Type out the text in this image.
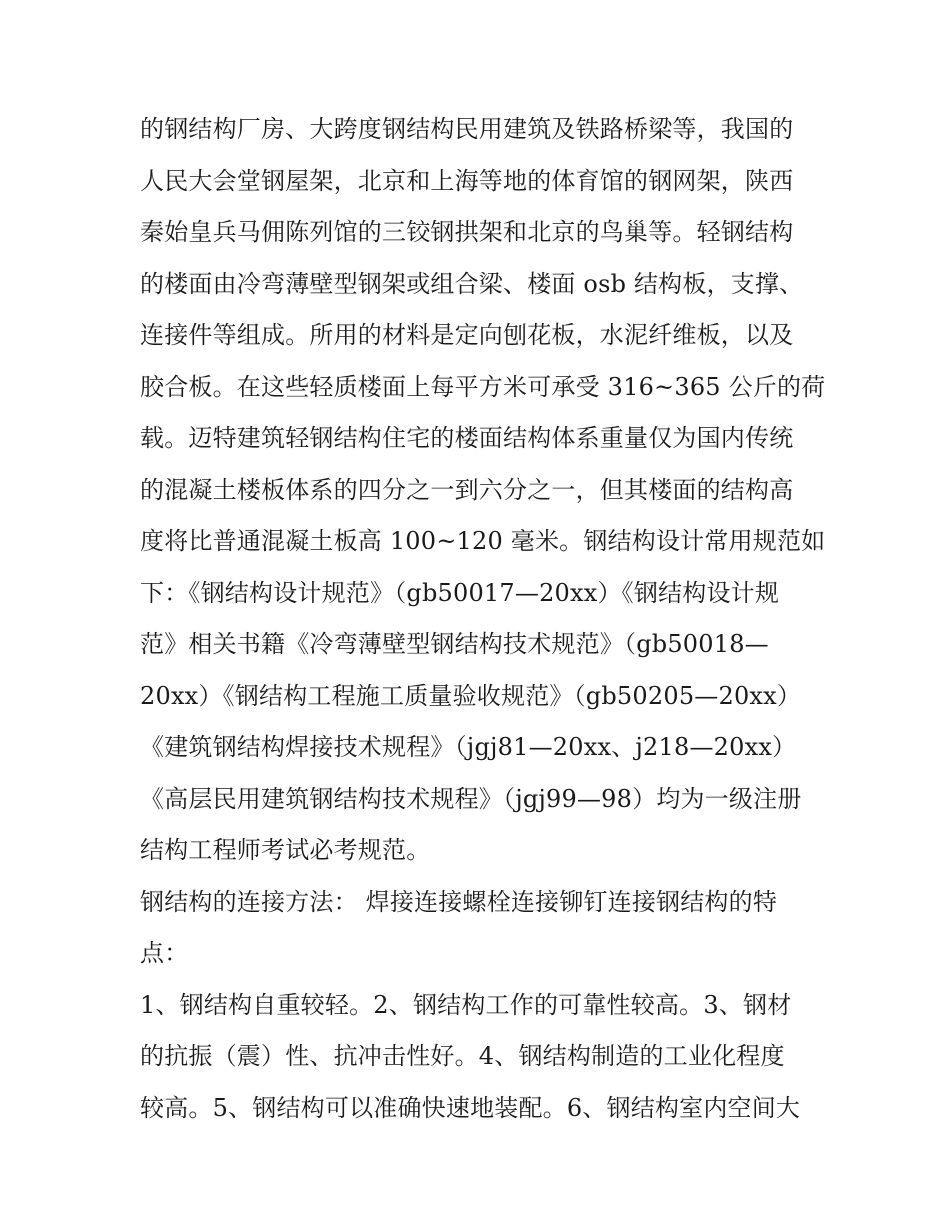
的钢结构厂房、大跨度钢结构民用建筑及铁路桥梁等，我国的
人民大会堂钢屋架，北京和上海等地的体育馆的钢网架，陕西
秦始皇兵马佣陈列馆的三铰钢拱架和北京的鸟巢等。轻钢结构
的楼面由冷弯薄壁型钢架或组合梁、楼面 osb 结构板，支撑、
连接件等组成。所用的材料是定向刨花板，水泥纤维板，以及
胶合板。在这些轻质楼面上每平方米可承受 316~365 公斤的荷
载。迈特建筑轻钢结构住宅的楼面结构体系重量仅为国内传统
的混凝土楼板体系的四分之一到六分之一，但其楼面的结构高
度将比普通混凝土板高 100~120 毫米。钢结构设计常用规范如
下：《钢结构设计规范》（gb50017—20xx）《钢结构设计规
范》相关书籍《冷弯薄壁型钢结构技术规范》（gb50018—
20xx）《钢结构工程施工质量验收规范》（gb50205—20xx）
《建筑钢结构焊接技术规程》（jgj81—20xx、j218—20xx）
《高层民用建筑钢结构技术规程》（jgj99—98）均为一级注册
结构工程师考试必考规范。
钢结构的连接方法： 焊接连接螺栓连接铆钉连接钢结构的特
点：
1、钢结构自重较轻。2、钢结构工作的可靠性较高。3、钢材
的抗振（震）性、抗冲击性好。4、钢结构制造的工业化程度
较高。5、钢结构可以准确快速地装配。6、钢结构室内空间大
